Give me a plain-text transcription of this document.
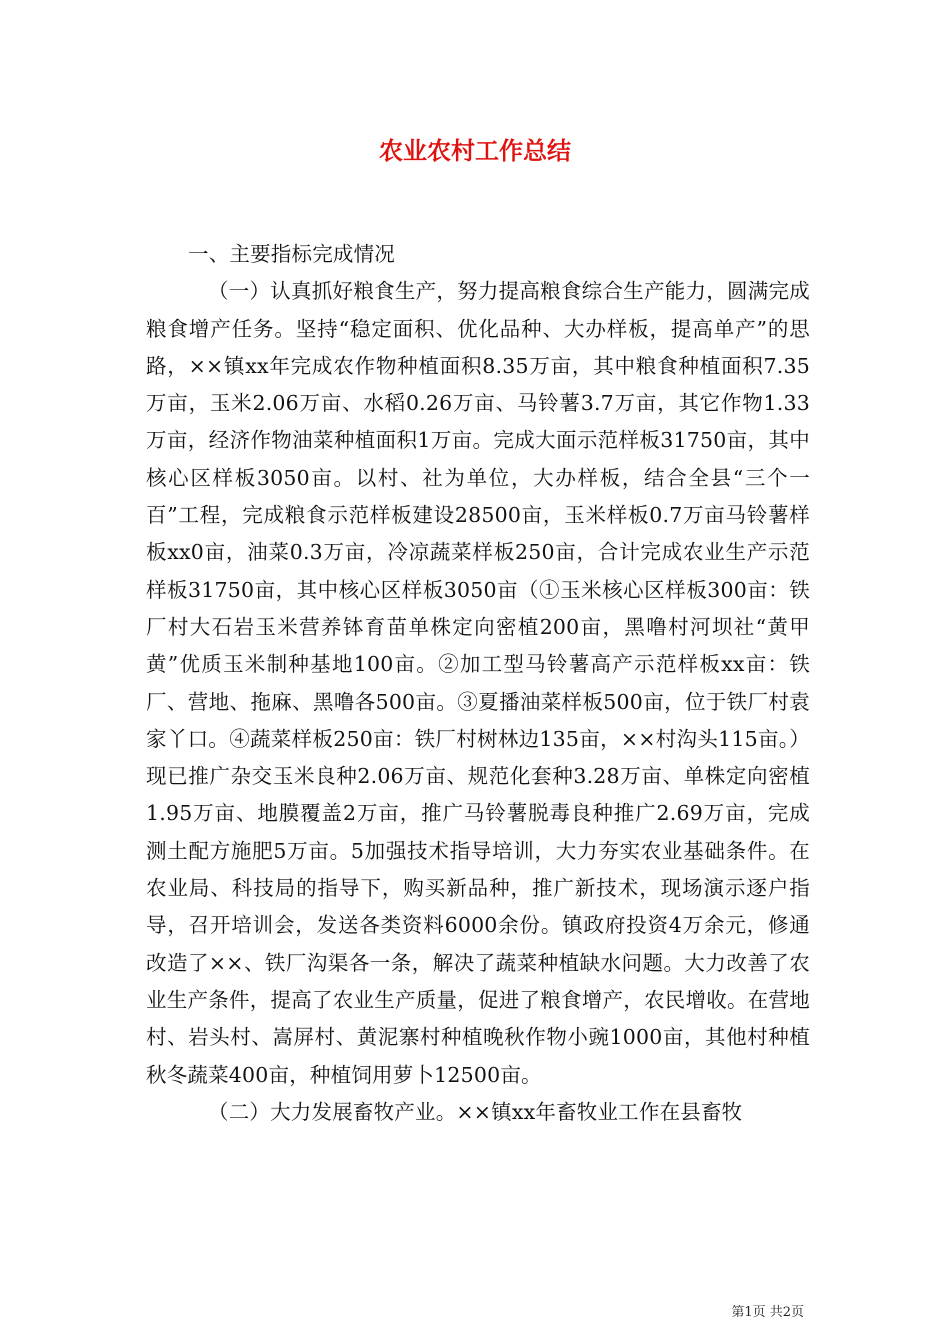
农业农村工作总结
一、主要指标完成情况

（一）认真抓好粮食生产，努力提高粮食综合生产能力，圆满完成粮食增产任务。坚持“稳定面积、优化品种、大办样板，提高单产”的思路，××镇xx年完成农作物种植面积8.35万亩，其中粮食种植面积7.35万亩，玉米2.06万亩、水稻0.26万亩、马铃薯3.7万亩，其它作物1.33万亩，经济作物油菜种植面积1万亩。完成大面示范样板31750亩，其中核心区样板3050亩。以村、社为单位，大办样板，结合全县“三个一百”工程，完成粮食示范样板建设28500亩，玉米样板0.7万亩马铃薯样板xx0亩，油菜0.3万亩，冷凉蔬菜样板250亩，合计完成农业生产示范样板31750亩，其中核心区样板3050亩（①玉米核心区样板300亩：铁厂村大石岩玉米营养钵育苗单株定向密植200亩，黑噜村河坝社“黄甲黄”优质玉米制种基地100亩。②加工型马铃薯高产示范样板xx亩：铁厂、营地、拖麻、黑噜各500亩。③夏播油菜样板500亩，位于铁厂村袁家丫口。④蔬菜样板250亩：铁厂村树林边135亩，××村沟头115亩。）现已推广杂交玉米良种2.06万亩、规范化套种3.28万亩、单株定向密植1.95万亩、地膜覆盖2万亩，推广马铃薯脱毒良种推广2.69万亩，完成测土配方施肥5万亩。5加强技术指导培训，大力夯实农业基础条件。在农业局、科技局的指导下，购买新品种，推广新技术，现场演示逐户指导，召开培训会，发送各类资料6000余份。镇政府投资4万余元，修通改造了××、铁厂沟渠各一条，解决了蔬菜种植缺水问题。大力改善了农业生产条件，提高了农业生产质量，促进了粮食增产，农民增收。在营地村、岩头村、嵩屏村、黄泥寨村种植晚秋作物小豌1000亩，其他村种植秋冬蔬菜400亩，种植饲用萝卜12500亩。

（二）大力发展畜牧产业。××镇xx年畜牧业工作在县畜牧

第1页 共2页
